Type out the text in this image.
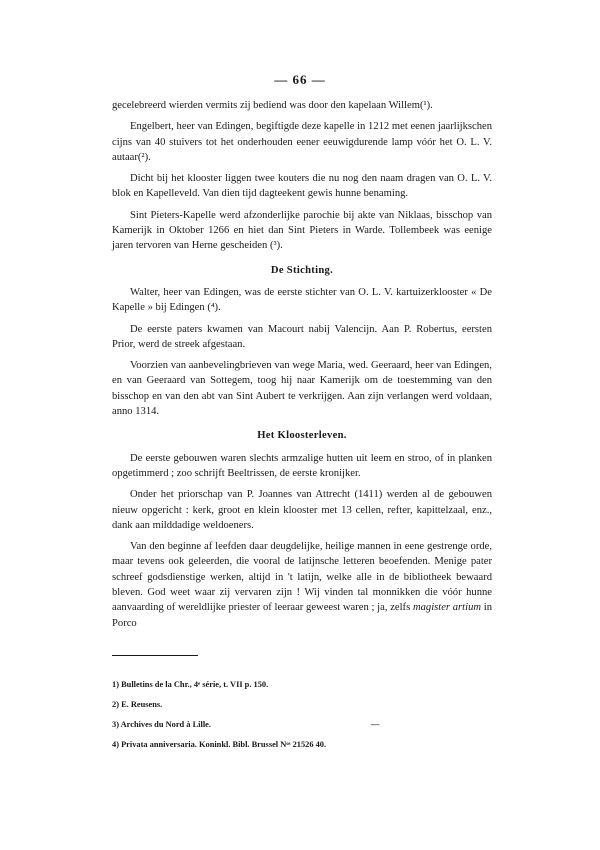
— 66 —

gecelebreerd wierden vermits zij bediend was door den kapelaan Willem(¹).

Engelbert, heer van Edingen, begiftigde deze kapelle in 1212 met eenen jaarlijkschen cijns van 40 stuivers tot het onderhouden eener eeuwigdurende lamp vóór het O. L. V. autaar(²).

Dicht bij het klooster liggen twee kouters die nu nog den naam dragen van O. L. V. blok en Kapelleveld. Van dien tijd dagteekent gewis hunne benaming.

Sint Pieters-Kapelle werd afzonderlijke parochie bij akte van Niklaas, bisschop van Kamerijk in Oktober 1266 en hiet dan Sint Pieters in Warde. Tollembeek was eenige jaren tervoren van Herne gescheiden (³).

De Stichting.

Walter, heer van Edingen, was de eerste stichter van O. L. V. kartuizerklooster « De Kapelle » bij Edingen (⁴).

De eerste paters kwamen van Macourt nabij Valencijn. Aan P. Robertus, eersten Prior, werd de streek afgestaan.

Voorzien van aanbevelingbrieven van wege Maria, wed. Geeraard, heer van Edingen, en van Geeraard van Sottegem, toog hij naar Kamerijk om de toestemming van den bisschop en van den abt van Sint Aubert te verkrijgen. Aan zijn verlangen werd voldaan, anno 1314.

Het Kloosterleven.

De eerste gebouwen waren slechts armzalige hutten uit leem en stroo, of in planken opgetimmerd ; zoo schrijft Beeltrissen, de eerste kronijker.

Onder het priorschap van P. Joannes van Attrecht (1411) werden al de gebouwen nieuw opgericht : kerk, groot en klein klooster met 13 cellen, refter, kapittelzaal, enz., dank aan milddadige weldoeners.

Van den beginne af leefden daar deugdelijke, heilige mannen in eene gestrenge orde, maar tevens ook geleerden, die vooral de latijnsche letteren beoefenden. Menige pater schreef godsdienstige werken, altijd in 't latijn, welke alle in de bibliotheek bewaard bleven. God weet waar zij vervaren zijn ! Wij vinden tal monnikken die vóór hunne aanvaarding of wereldlijke priester of leeraar geweest waren ; ja, zelfs magister artium in Porco

1) Bulletins de la Chr., 4ᵉ série, t. VII p. 150.
2) E. Reusens.
3) Archives du Nord à Lille.	—
4) Privata anniversaria. Koninkl. Bibl. Brussel Nᵒˢ 21526 40.
